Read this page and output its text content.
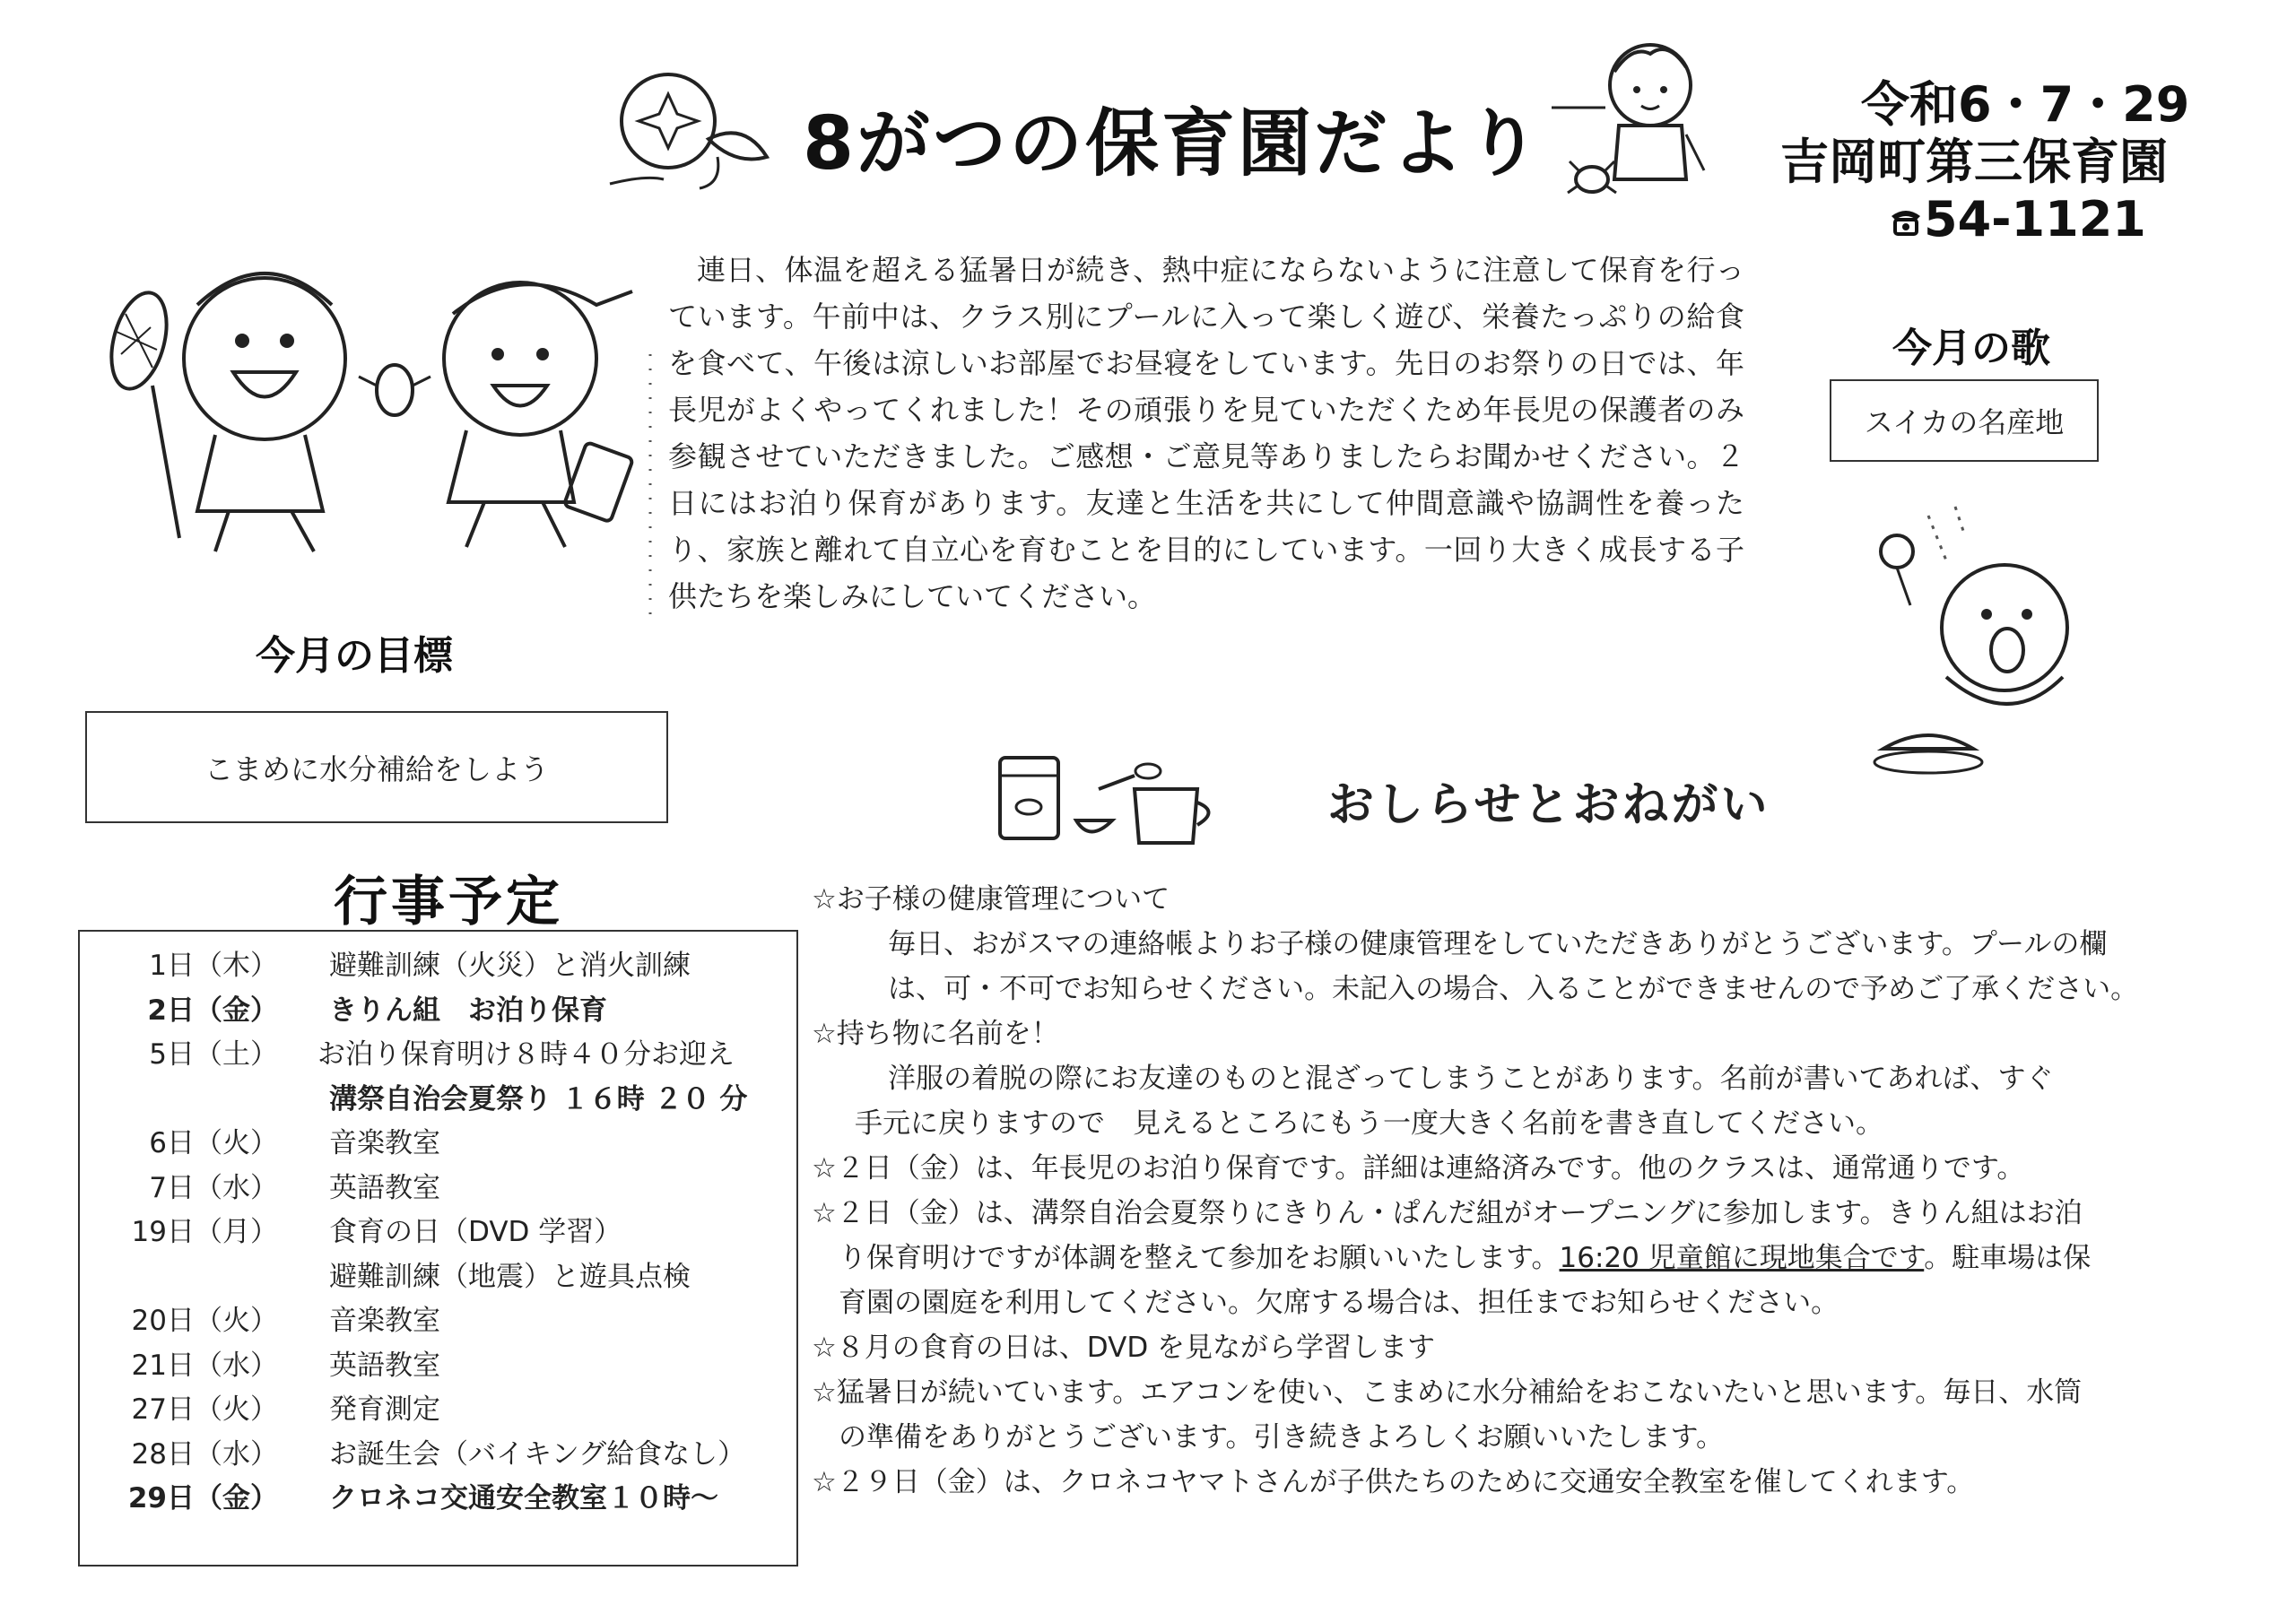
8がつの保育園だより	令和6・7・29
吉岡町第三保育園
54‐1121
連日、体温を超える猛暑日が続き、熱中症にならないように注意して保育を行っています。午前中は、クラス別にプールに入って楽しく遊び、栄養たっぷりの給食を食べて、午後は涼しいお部屋でお昼寝をしています。先日のお祭りの日では、年長児がよくやってくれました！その頑張りを見ていただくため年長児の保護者のみ参観させていただきました。ご感想・ご意見等ありましたらお聞かせください。２日にはお泊り保育があります。友達と生活を共にして仲間意識や協調性を養ったり、家族と離れて自立心を育むことを目的にしています。一回り大きく成長する子供たちを楽しみにしていてください。
今月の歌
スイカの名産地
今月の目標
こまめに水分補給をしよう
おしらせとおねがい
行事予定
1日（木） 避難訓練（火災）と消火訓練
2日（金） きりん組　お泊り保育
5日（土） お泊り保育明け８時４０分お迎え
溝祭自治会夏祭り １６時 ２０ 分
6日（火） 音楽教室
7日（水） 英語教室
19日（月） 食育の日（DVD 学習）
避難訓練（地震）と遊具点検
20日（火） 音楽教室
21日（水） 英語教室
27日（火） 発育測定
28日（水） お誕生会（バイキング給食なし）
29日（金） クロネコ交通安全教室１０時～

☆お子様の健康管理について

毎日、おがスマの連絡帳よりお子様の健康管理をしていただきありがとうございます。プールの欄

は、可・不可でお知らせください。未記入の場合、入ることができませんので予めご了承ください。

☆持ち物に名前を！

洋服の着脱の際にお友達のものと混ざってしまうことがあります。名前が書いてあれば、すぐ

手元に戻りますので　見えるところにもう一度大きく名前を書き直してください。

☆２日（金）は、年長児のお泊り保育です。詳細は連絡済みです。他のクラスは、通常通りです。

☆２日（金）は、溝祭自治会夏祭りにきりん・ぱんだ組がオープニングに参加します。きりん組はお泊

り保育明けですが体調を整えて参加をお願いいたします。16:20 児童館に現地集合です。駐車場は保

育園の園庭を利用してください。欠席する場合は、担任までお知らせください。

☆８月の食育の日は、DVD を見ながら学習します

☆猛暑日が続いています。エアコンを使い、こまめに水分補給をおこないたいと思います。毎日、水筒

の準備をありがとうございます。引き続きよろしくお願いいたします。

☆２９日（金）は、クロネコヤマトさんが子供たちのために交通安全教室を催してくれます。
